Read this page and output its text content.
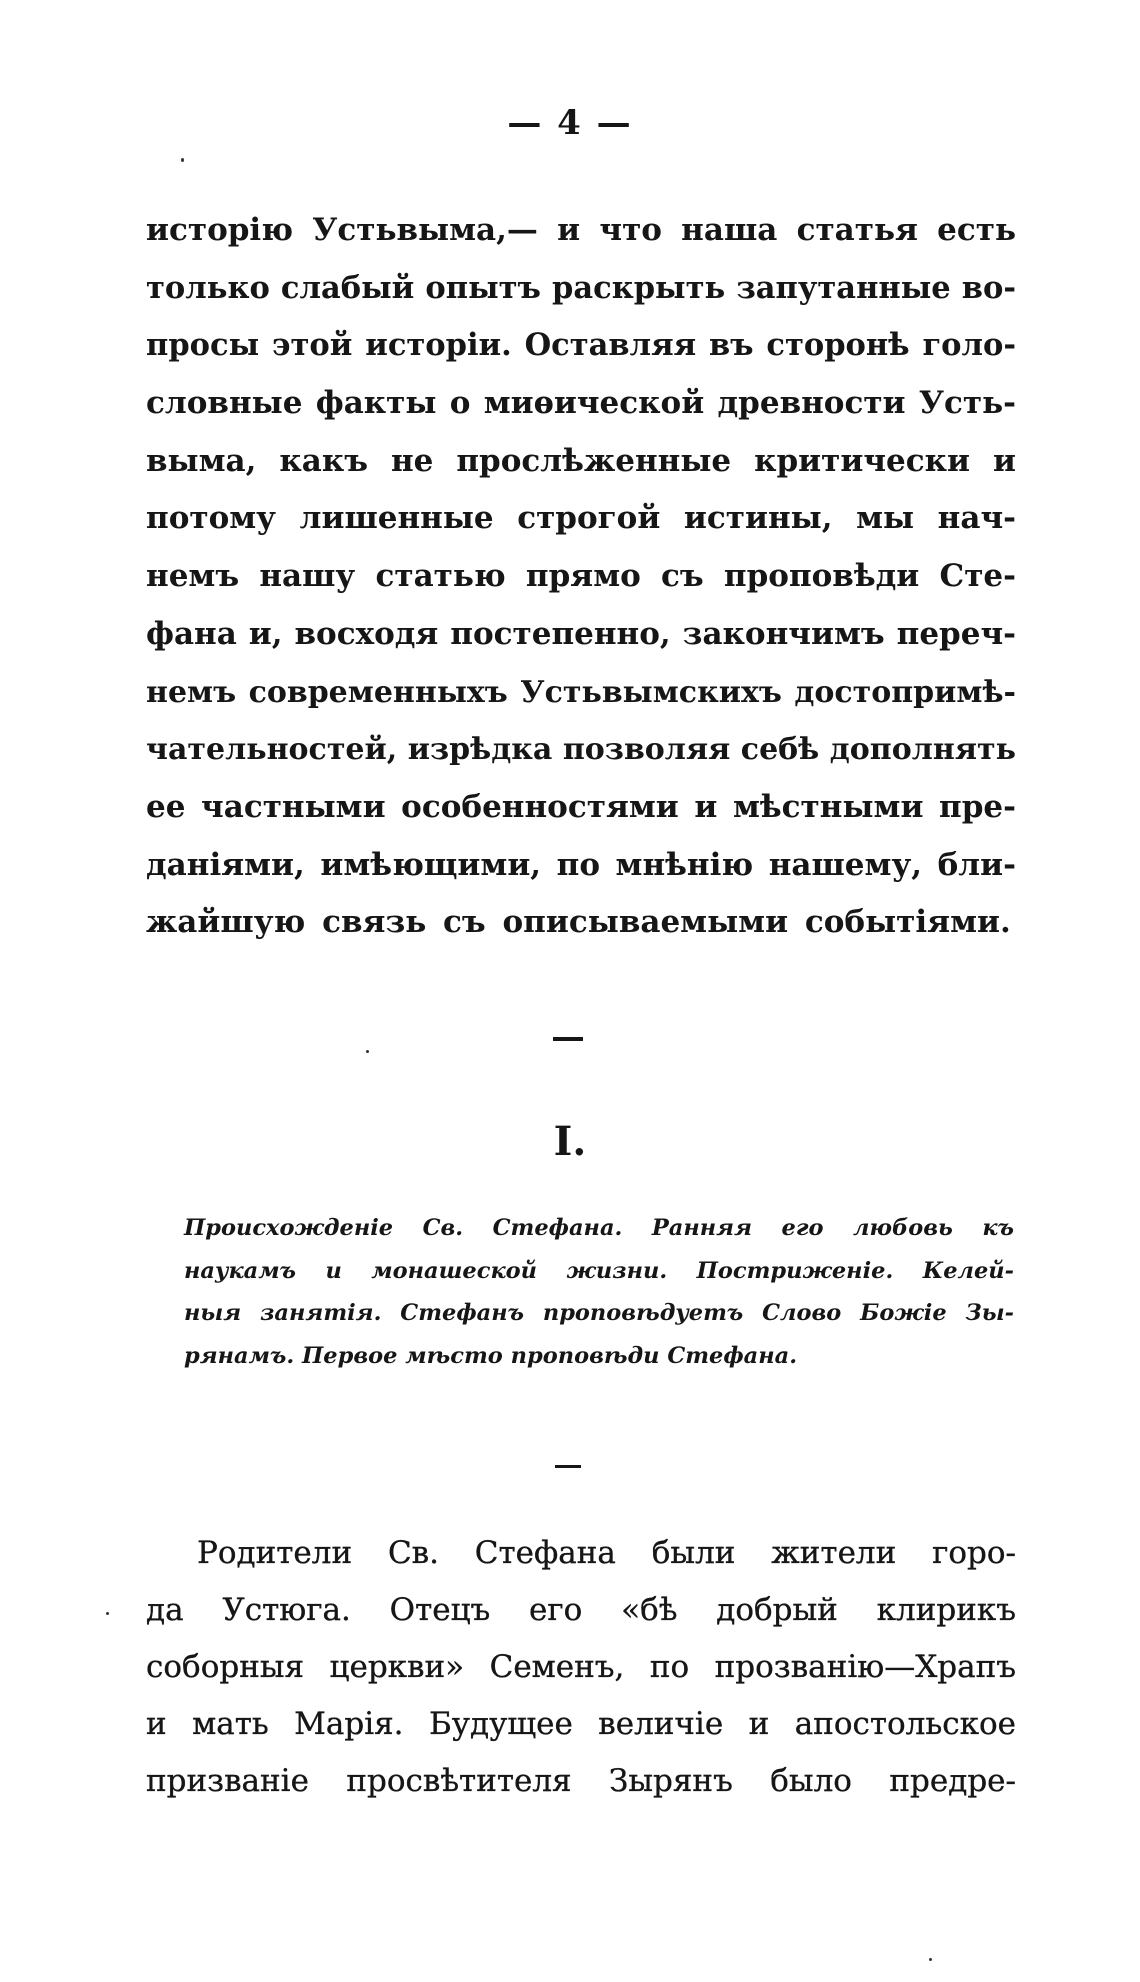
— 4 —
исторію Устьвыма,— и что наша статья есть
только слабый опытъ раскрыть запутанные во-
просы этой исторіи. Оставляя въ сторонѣ голо-
словные факты о миѳической древности Усть-
выма, какъ не прослѣженные критически и
потому лишенные строгой истины, мы нач-
немъ нашу статью прямо съ проповѣди Сте-
фана и, восходя постепенно, закончимъ переч-
немъ современныхъ Устьвымскихъ достопримѣ-
чательностей, изрѣдка позволяя себѣ дополнять
ее частными особенностями и мѣстными пре-
даніями, имѣющими, по мнѣнію нашему, бли-
жайшую связь съ описываемыми событіями.
I.
Происхожденіе Св. Стефана. Ранняя его любовь къ
наукамъ и монашеской жизни. Постриженіе. Келей-
ныя занятія. Стефанъ проповѣдуетъ Слово Божіе Зы-
рянамъ. Первое мѣсто проповѣди Стефана.
Родители Св. Стефана были жители горо-
да Устюга. Отецъ его «бѣ добрый клирикъ
соборныя церкви» Семенъ, по прозванію—Храпъ
и мать Марія. Будущее величіе и апостольское
призваніе просвѣтителя Зырянъ было предре-
